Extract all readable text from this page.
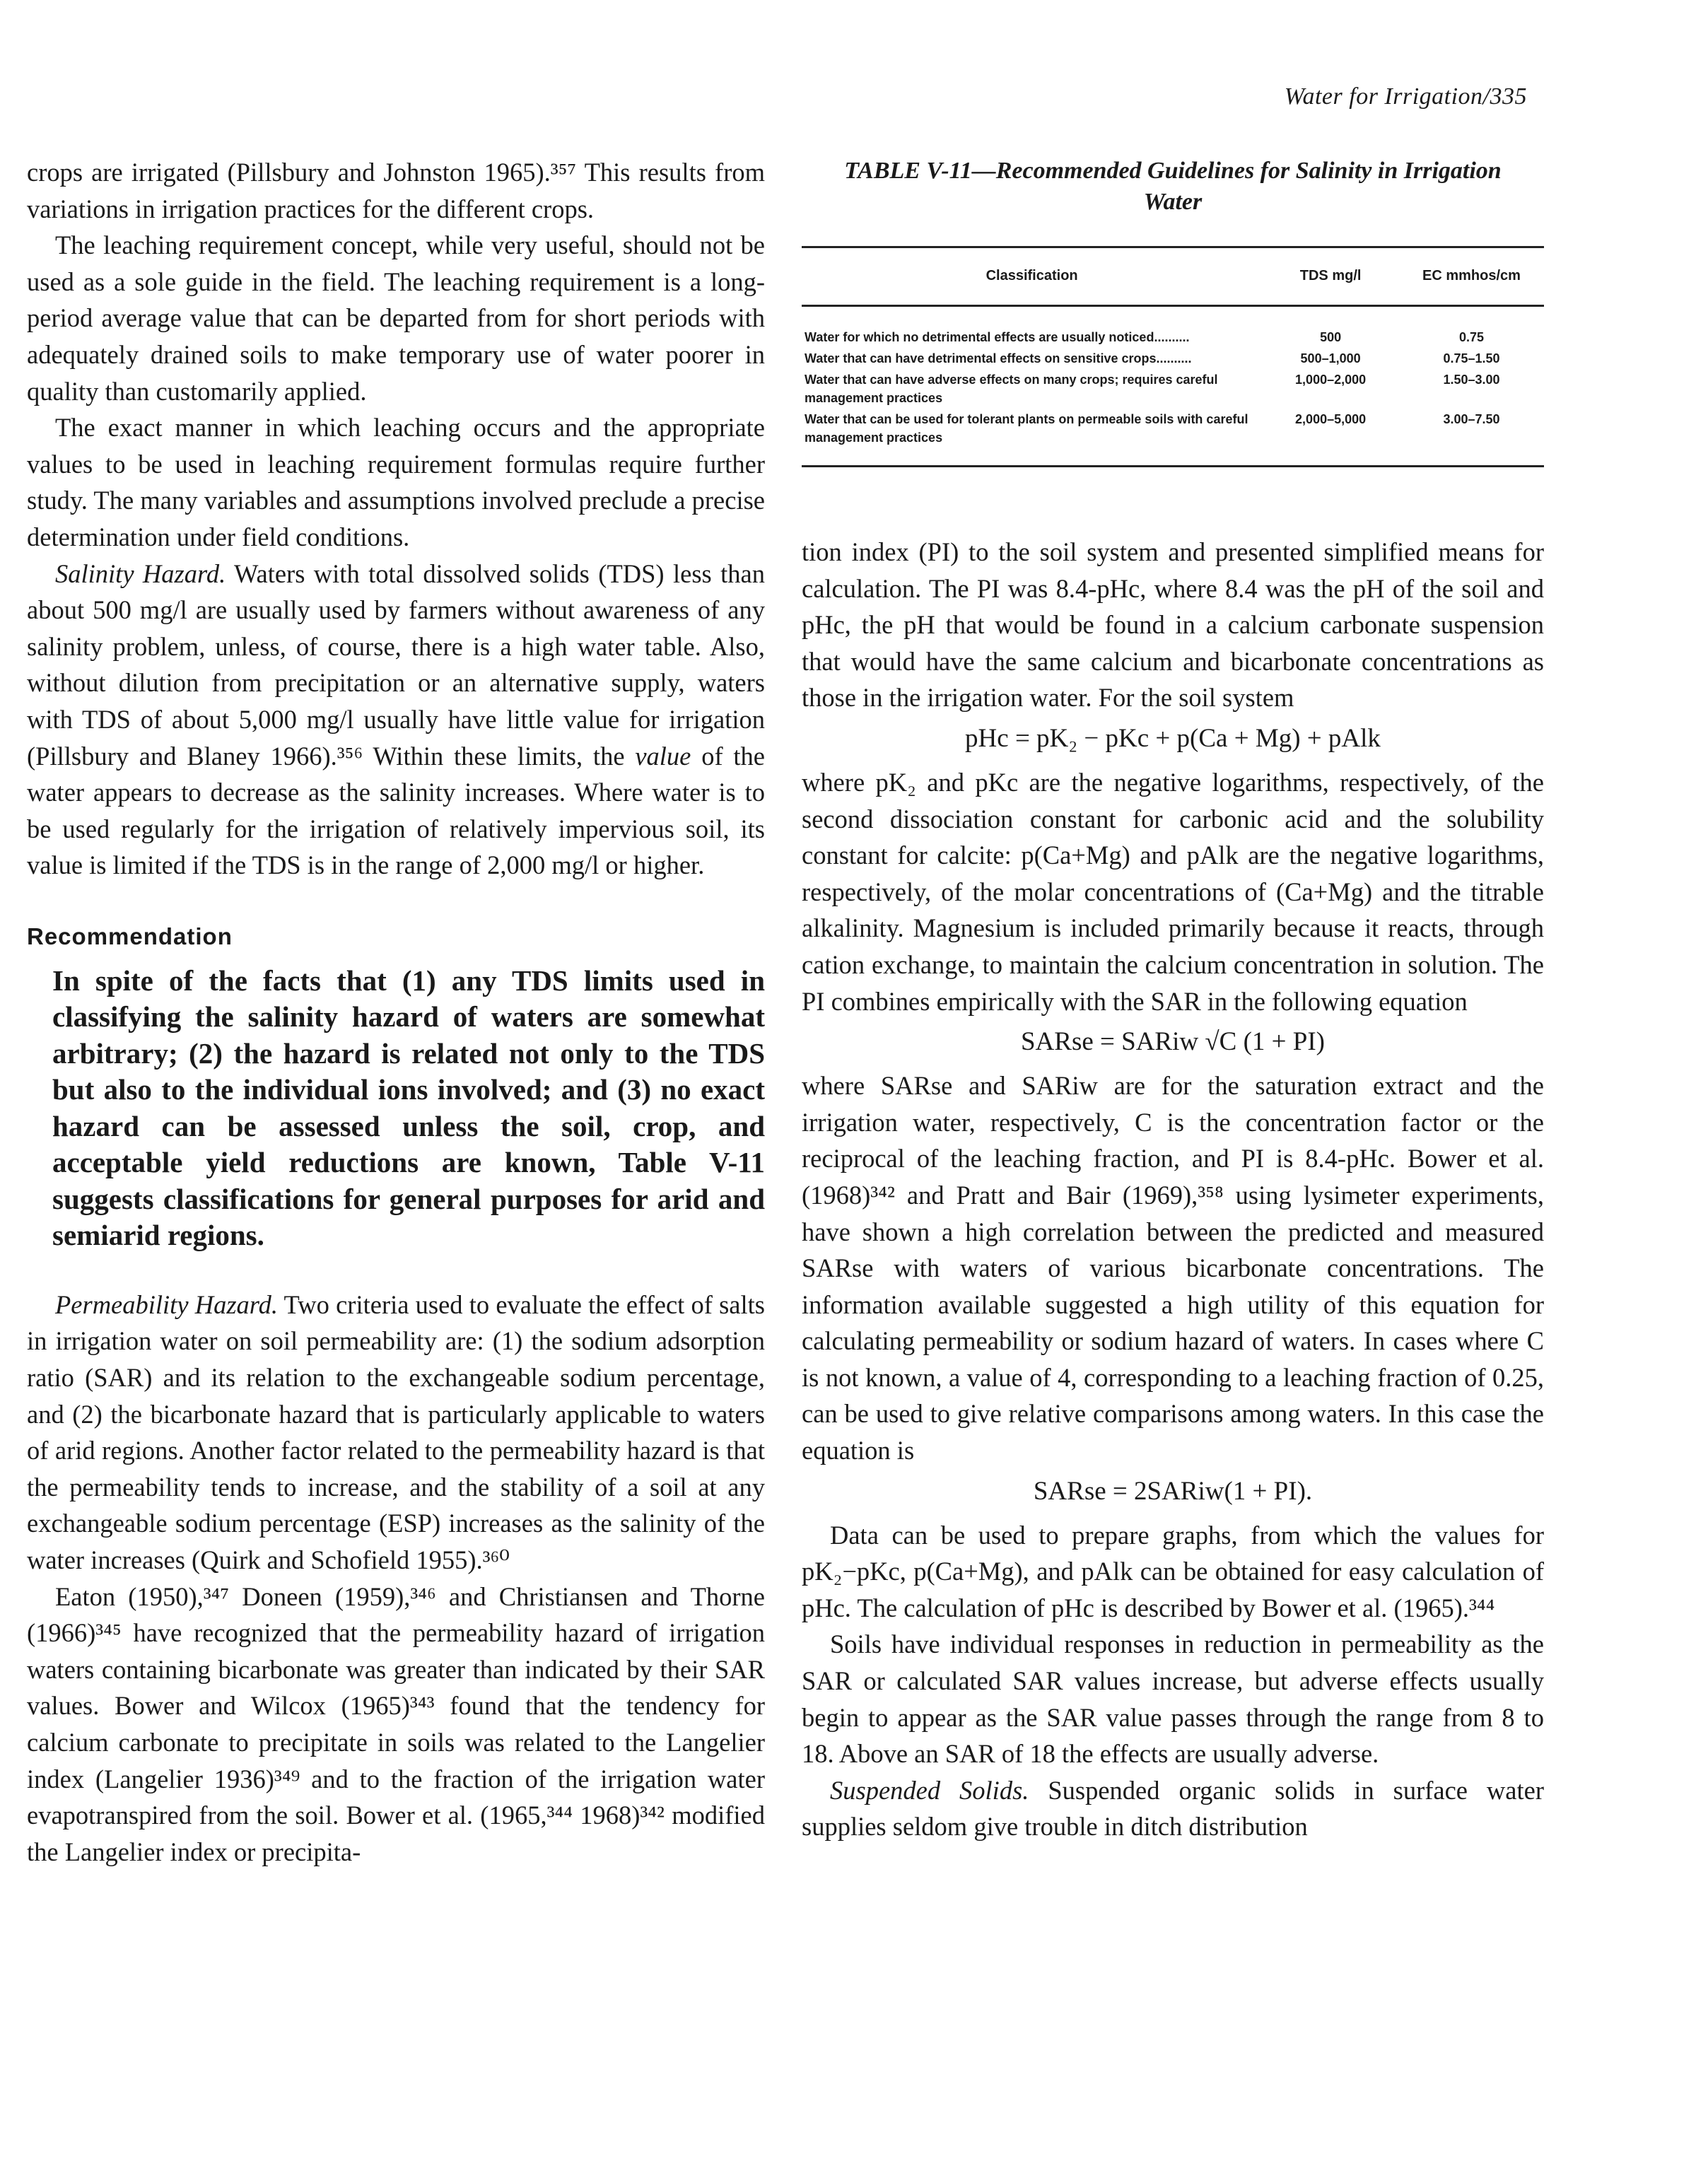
Water for Irrigation/335

crops are irrigated (Pillsbury and Johnston 1965).³⁵⁷ This results from variations in irrigation practices for the different crops.

The leaching requirement concept, while very useful, should not be used as a sole guide in the field. The leaching requirement is a long-period average value that can be departed from for short periods with adequately drained soils to make temporary use of water poorer in quality than customarily applied.

The exact manner in which leaching occurs and the appropriate values to be used in leaching requirement formulas require further study. The many variables and assumptions involved preclude a precise determination under field conditions.

Salinity Hazard. Waters with total dissolved solids (TDS) less than about 500 mg/l are usually used by farmers without awareness of any salinity problem, unless, of course, there is a high water table. Also, without dilution from precipitation or an alternative supply, waters with TDS of about 5,000 mg/l usually have little value for irrigation (Pillsbury and Blaney 1966).³⁵⁶ Within these limits, the value of the water appears to decrease as the salinity increases. Where water is to be used regularly for the irrigation of relatively impervious soil, its value is limited if the TDS is in the range of 2,000 mg/l or higher.

Recommendation

In spite of the facts that (1) any TDS limits used in classifying the salinity hazard of waters are somewhat arbitrary; (2) the hazard is related not only to the TDS but also to the individual ions involved; and (3) no exact hazard can be assessed unless the soil, crop, and acceptable yield reductions are known, Table V-11 suggests classifications for general purposes for arid and semiarid regions.

Permeability Hazard. Two criteria used to evaluate the effect of salts in irrigation water on soil permeability are: (1) the sodium adsorption ratio (SAR) and its relation to the exchangeable sodium percentage, and (2) the bicarbonate hazard that is particularly applicable to waters of arid regions. Another factor related to the permeability hazard is that the permeability tends to increase, and the stability of a soil at any exchangeable sodium percentage (ESP) increases as the salinity of the water increases (Quirk and Schofield 1955).³⁶⁰

Eaton (1950),³⁴⁷ Doneen (1959),³⁴⁶ and Christiansen and Thorne (1966)³⁴⁵ have recognized that the permeability hazard of irrigation waters containing bicarbonate was greater than indicated by their SAR values. Bower and Wilcox (1965)³⁴³ found that the tendency for calcium carbonate to precipitate in soils was related to the Langelier index (Langelier 1936)³⁴⁹ and to the fraction of the irrigation water evapotranspired from the soil. Bower et al. (1965,³⁴⁴ 1968)³⁴² modified the Langelier index or precipita-

TABLE V-11—Recommended Guidelines for Salinity in Irrigation Water
Classification	TDS mg/l	EC mmhos/cm
Water for which no detrimental effects are usually noticed..........	500	0.75
Water that can have detrimental effects on sensitive crops..........	500–1,000	0.75–1.50
Water that can have adverse effects on many crops; requires careful management practices	1,000–2,000	1.50–3.00
Water that can be used for tolerant plants on permeable soils with careful management practices	2,000–5,000	3.00–7.50

tion index (PI) to the soil system and presented simplified means for calculation. The PI was 8.4-pHc, where 8.4 was the pH of the soil and pHc, the pH that would be found in a calcium carbonate suspension that would have the same calcium and bicarbonate concentrations as those in the irrigation water. For the soil system

pHc = pK₂ − pKc + p(Ca + Mg) + pAlk

where pK₂ and pKc are the negative logarithms, respectively, of the second dissociation constant for carbonic acid and the solubility constant for calcite: p(Ca+Mg) and pAlk are the negative logarithms, respectively, of the molar concentrations of (Ca+Mg) and the titrable alkalinity. Magnesium is included primarily because it reacts, through cation exchange, to maintain the calcium concentration in solution. The PI combines empirically with the SAR in the following equation

SARse = SARiw √C (1 + PI)

where SARse and SARiw are for the saturation extract and the irrigation water, respectively, C is the concentration factor or the reciprocal of the leaching fraction, and PI is 8.4-pHc. Bower et al. (1968)³⁴² and Pratt and Bair (1969),³⁵⁸ using lysimeter experiments, have shown a high correlation between the predicted and measured SARse with waters of various bicarbonate concentrations. The information available suggested a high utility of this equation for calculating permeability or sodium hazard of waters. In cases where C is not known, a value of 4, corresponding to a leaching fraction of 0.25, can be used to give relative comparisons among waters. In this case the equation is

SARse = 2SARiw(1 + PI).

Data can be used to prepare graphs, from which the values for pK₂−pKc, p(Ca+Mg), and pAlk can be obtained for easy calculation of pHc. The calculation of pHc is described by Bower et al. (1965).³⁴⁴

Soils have individual responses in reduction in permeability as the SAR or calculated SAR values increase, but adverse effects usually begin to appear as the SAR value passes through the range from 8 to 18. Above an SAR of 18 the effects are usually adverse.

Suspended Solids. Suspended organic solids in surface water supplies seldom give trouble in ditch distribution
